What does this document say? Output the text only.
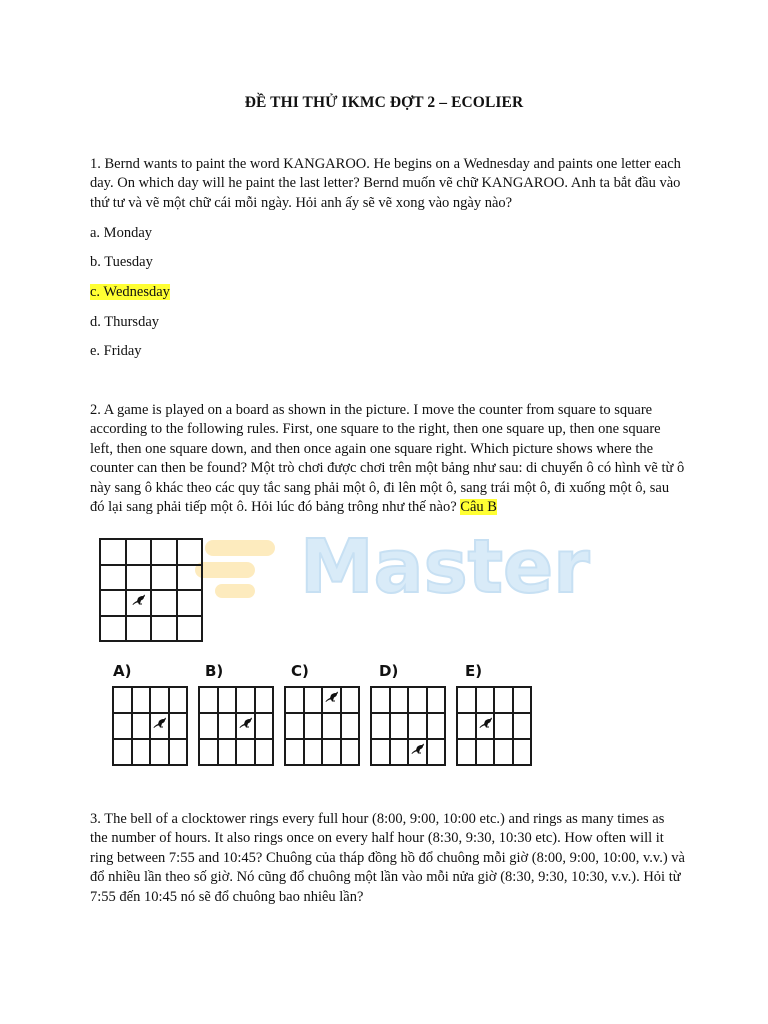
ĐỀ THI THỬ IKMC ĐỢT 2 – ECOLIER
1. Bernd wants to paint the word KANGAROO. He begins on a Wednesday and paints one letter each day. On which day will he paint the last letter? Bernd muốn vẽ chữ KANGAROO. Anh ta bắt đầu vào thứ tư và vẽ một chữ cái mỗi ngày. Hỏi anh ấy sẽ vẽ xong vào ngày nào?
a. Monday
b. Tuesday
c. Wednesday
d. Thursday
e. Friday
2. A game is played on a board as shown in the picture. I move the counter from square to square according to the following rules. First, one square to the right, then one square up, then one square left, then one square down, and then once again one square right. Which picture shows where the counter can then be found? Một trò chơi được chơi trên một bảng như sau: di chuyển ô có hình vẽ từ ô này sang ô khác theo các quy tắc sang phải một ô, đi lên một ô, sang trái một ô, đi xuống một ô, sau đó lại sang phải tiếp một ô. Hỏi lúc đó bảng trông như thế nào? Câu B
Master
A)	B)	C)	D)	E)
3. The bell of a clocktower rings every full hour (8:00, 9:00, 10:00 etc.) and rings as many times as the number of hours. It also rings once on every half hour (8:30, 9:30, 10:30 etc). How often will it ring between 7:55 and 10:45? Chuông của tháp đồng hồ đổ chuông mỗi giờ (8:00, 9:00, 10:00, v.v.) và đổ nhiều lần theo số giờ. Nó cũng đổ chuông một lần vào mỗi nửa giờ (8:30, 9:30, 10:30, v.v.). Hỏi từ 7:55 đến 10:45 nó sẽ đổ chuông bao nhiêu lần?
